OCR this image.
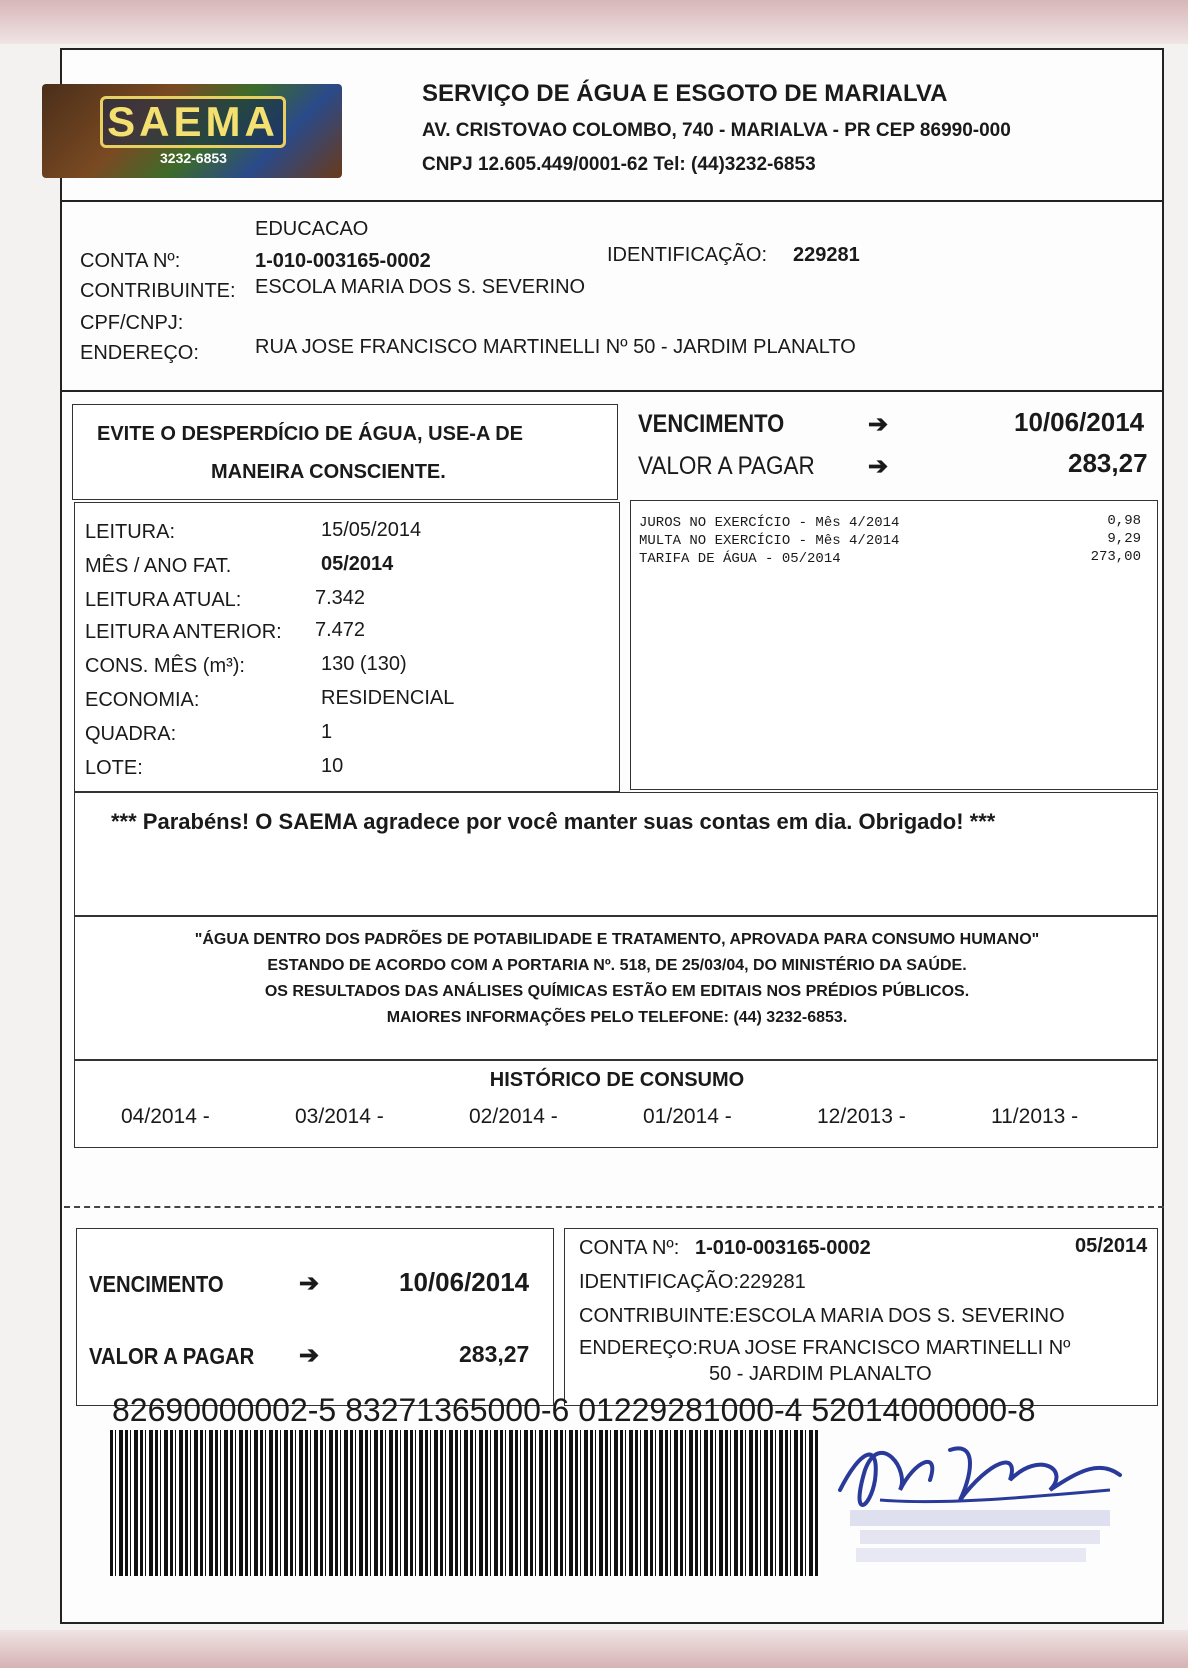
SAEMA
3232-6853
SERVIÇO DE ÁGUA E ESGOTO DE MARIALVA
AV. CRISTOVAO COLOMBO, 740 - MARIALVA - PR CEP 86990-000
CNPJ 12.605.449/0001-62 Tel: (44)3232-6853
EDUCACAO
CONTA Nº:	1-010-003165-0002	IDENTIFICAÇÃO: 229281
CONTRIBUINTE: ESCOLA MARIA DOS S. SEVERINO
CPF/CNPJ:
ENDEREÇO:	RUA JOSE FRANCISCO MARTINELLI Nº 50 - JARDIM PLANALTO
EVITE O DESPERDÍCIO DE ÁGUA, USE-A DE
MANEIRA CONSCIENTE.
VENCIMENTO	➔	10/06/2014
VALOR A PAGAR ➔	283,27
LEITURA:	15/05/2014
MÊS / ANO FAT.	05/2014
LEITURA ATUAL:	7.342
LEITURA ANTERIOR: 7.472
CONS. MÊS (m³):	130 (130)
ECONOMIA:	RESIDENCIAL
QUADRA:	1
LOTE:	10
JUROS NO EXERCÍCIO - Mês 4/2014	0,98
MULTA NO EXERCÍCIO - Mês 4/2014	9,29
TARIFA DE ÁGUA - 05/2014	273,00
*** Parabéns! O SAEMA agradece por você manter suas contas em dia. Obrigado! ***
"ÁGUA DENTRO DOS PADRÕES DE POTABILIDADE E TRATAMENTO, APROVADA PARA CONSUMO HUMANO"
ESTANDO DE ACORDO COM A PORTARIA Nº. 518, DE 25/03/04, DO MINISTÉRIO DA SAÚDE.
OS RESULTADOS DAS ANÁLISES QUÍMICAS ESTÃO EM EDITAIS NOS PRÉDIOS PÚBLICOS.
MAIORES INFORMAÇÕES PELO TELEFONE: (44) 3232-6853.
HISTÓRICO DE CONSUMO
04/2014 -	03/2014 -	02/2014 -	01/2014 -	12/2013 -	11/2013 -
VENCIMENTO	➔	10/06/2014
VALOR A PAGAR ➔	283,27
CONTA Nº: 1-010-003165-0002	05/2014
IDENTIFICAÇÃO:229281
CONTRIBUINTE:ESCOLA MARIA DOS S. SEVERINO
ENDEREÇO:RUA JOSE FRANCISCO MARTINELLI Nº
50 - JARDIM PLANALTO
82690000002-5 83271365000-6 01229281000-4 52014000000-8
